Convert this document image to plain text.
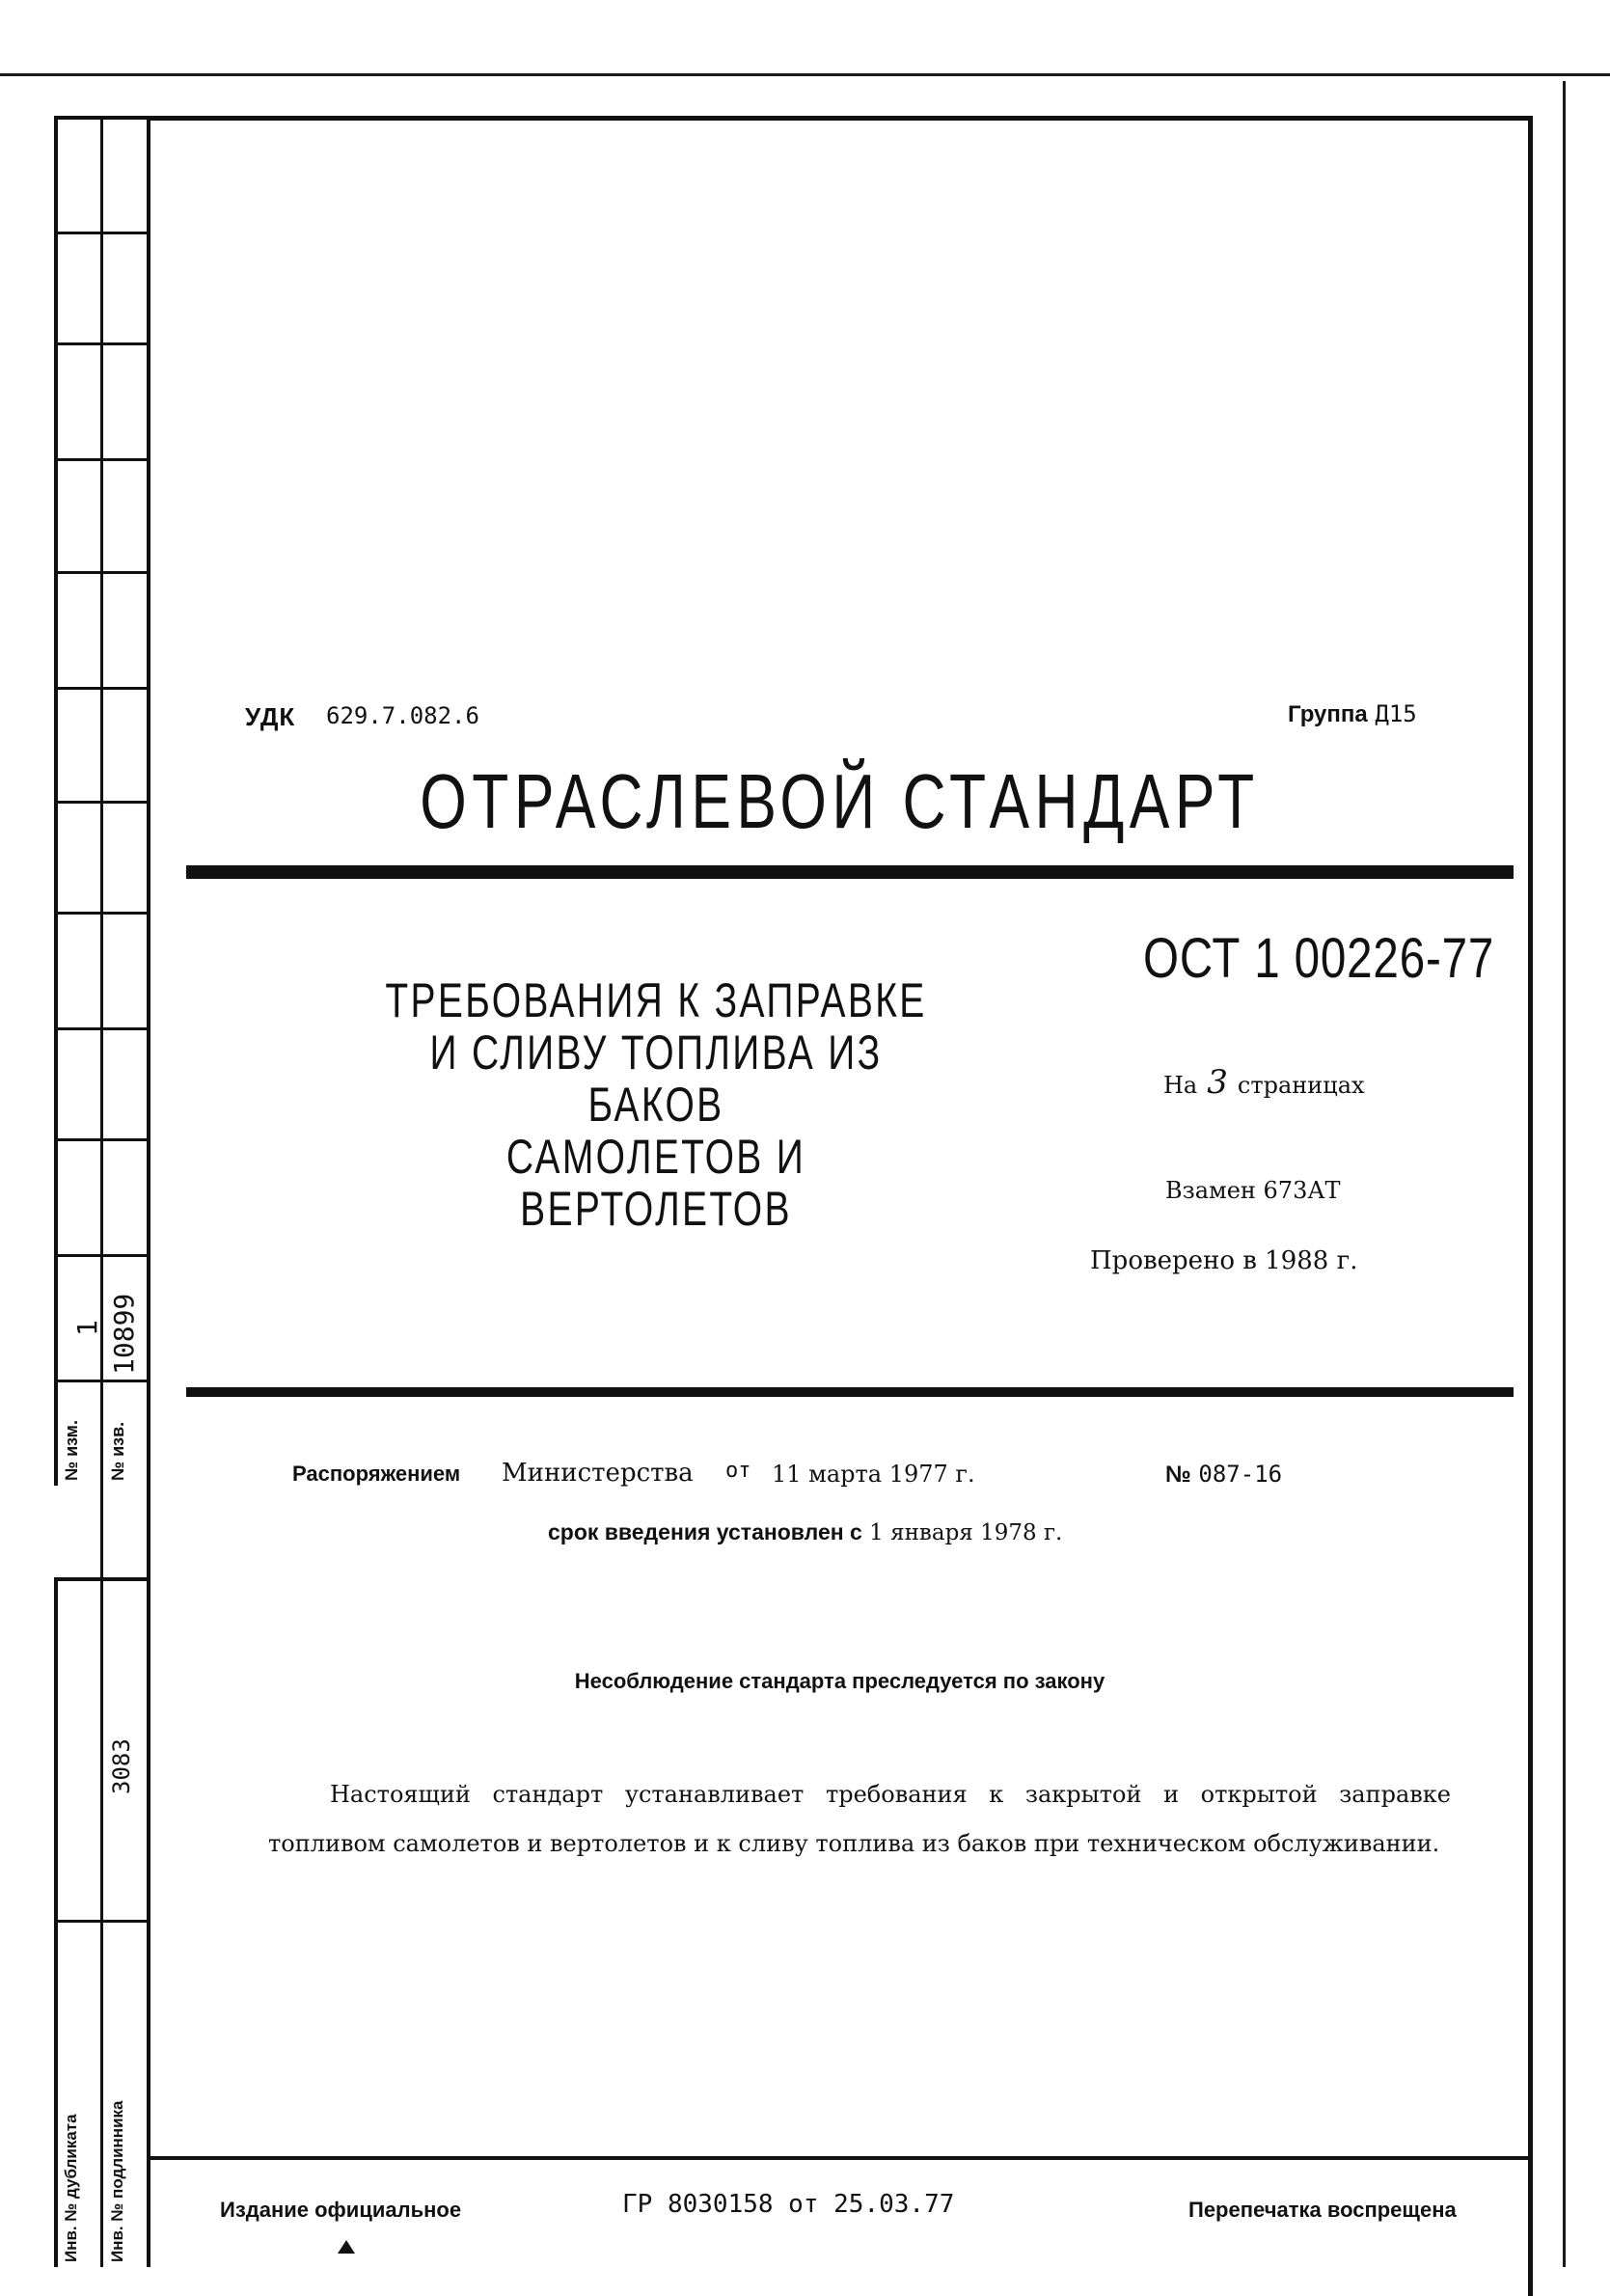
№ изм.
1
№ изв.
10899
3083
Инв. № дубликата Инв. № подлинника
УДК 629.7.082.6	Группа Д15
ОТРАСЛЕВОЙ СТАНДАРТ
ОСТ 1 00226-77
ТРЕБОВАНИЯ К ЗАПРАВКЕ
И СЛИВУ ТОПЛИВА ИЗ БАКОВ
САМОЛЕТОВ И ВЕРТОЛЕТОВ
На 3 страницах
Взамен 673АТ
Проверено в 1988 г.
Распоряжением Министерства от 11 марта 1977 г.	№ 087-16
срок введения установлен с 1 января 1978 г.
Несоблюдение стандарта преследуется по закону
Настоящий стандарт устанавливает требования к закрытой и открытой заправке топливом самолетов и вертолетов и к сливу топлива из баков при техническом обслуживании.
Издание официальное	ГР 8030158 от 25.03.77	Перепечатка воспрещена
